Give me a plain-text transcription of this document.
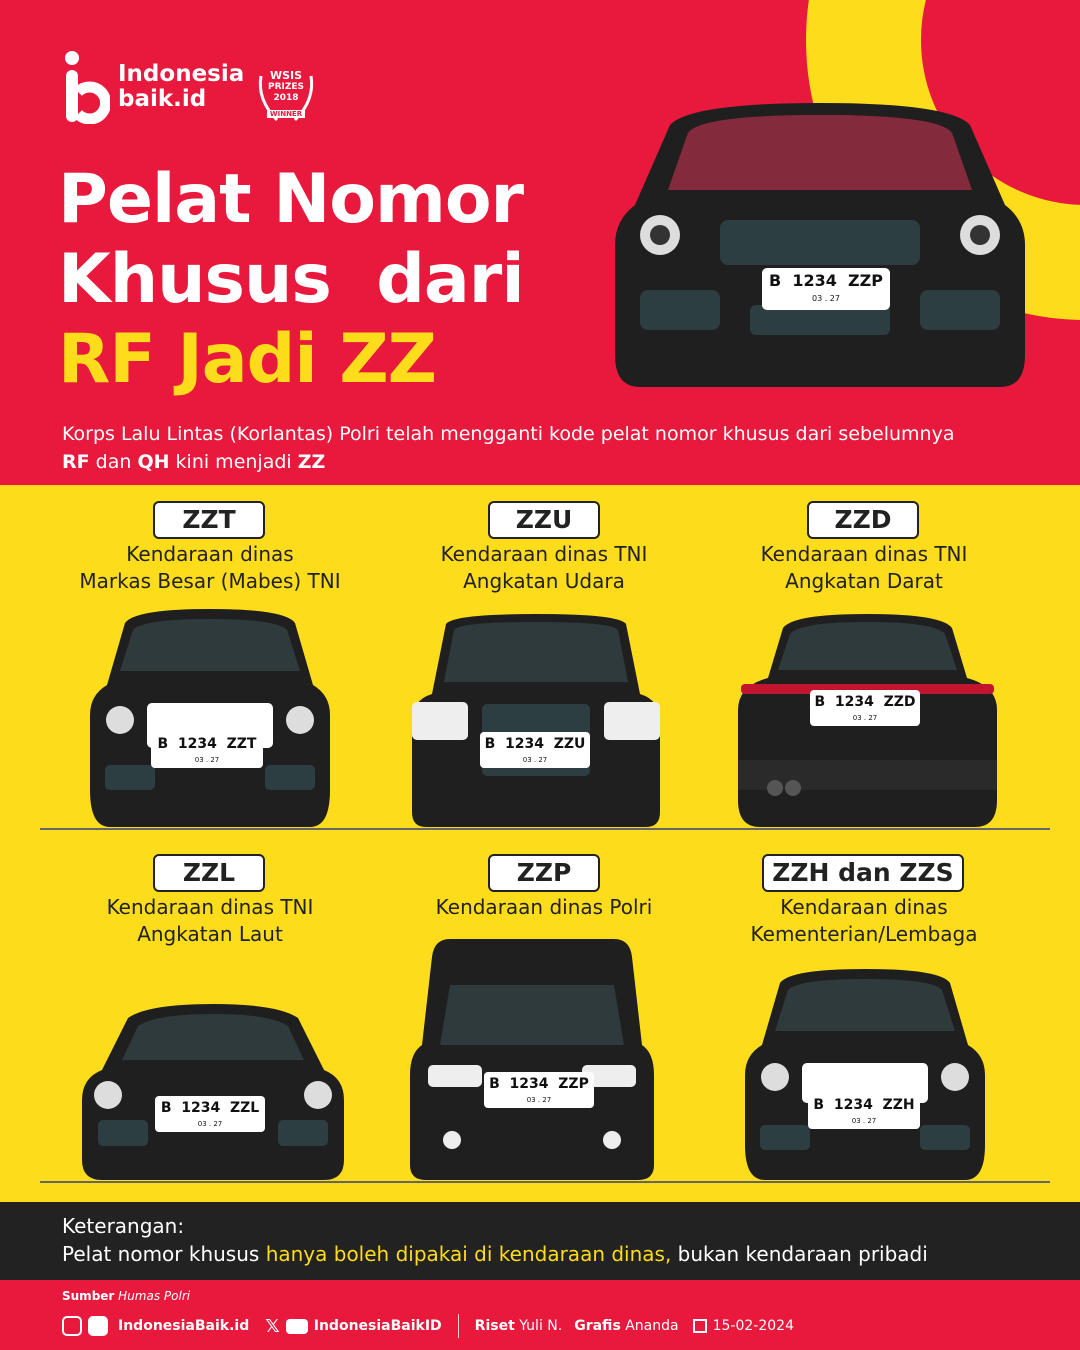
Indonesia
baik.id
WSIS
PRIZES
2018
WINNER
Pelat Nomor
Khusus  dari
RF Jadi ZZ
B  1234  ZZP
03 . 27
Korps Lalu Lintas (Korlantas) Polri telah mengganti kode pelat nomor khusus dari sebelumnya RF dan QH kini menjadi ZZ
ZZT
Kendaraan dinas
Markas Besar (Mabes) TNI
ZZU
Kendaraan dinas TNI
Angkatan Udara
ZZD
Kendaraan dinas TNI
Angkatan Darat
B  1234  ZZT
03 . 27
B  1234  ZZU
03 . 27
B  1234  ZZD
03 . 27
ZZL
Kendaraan dinas TNI
Angkatan Laut
ZZP
Kendaraan dinas Polri
ZZH dan ZZS
Kendaraan dinas
Kementerian/Lembaga
B  1234  ZZL
03 . 27
B  1234  ZZP
03 . 27	B  1234  ZZH
03 . 27
Keterangan:
Pelat nomor khusus hanya boleh dipakai di kendaraan dinas, bukan kendaraan pribadi
Sumber Humas Polri
IndonesiaBaik.id 𝕏 IndonesiaBaikID Riset
Yuli N. Grafis
Ananda 15-02-2024
